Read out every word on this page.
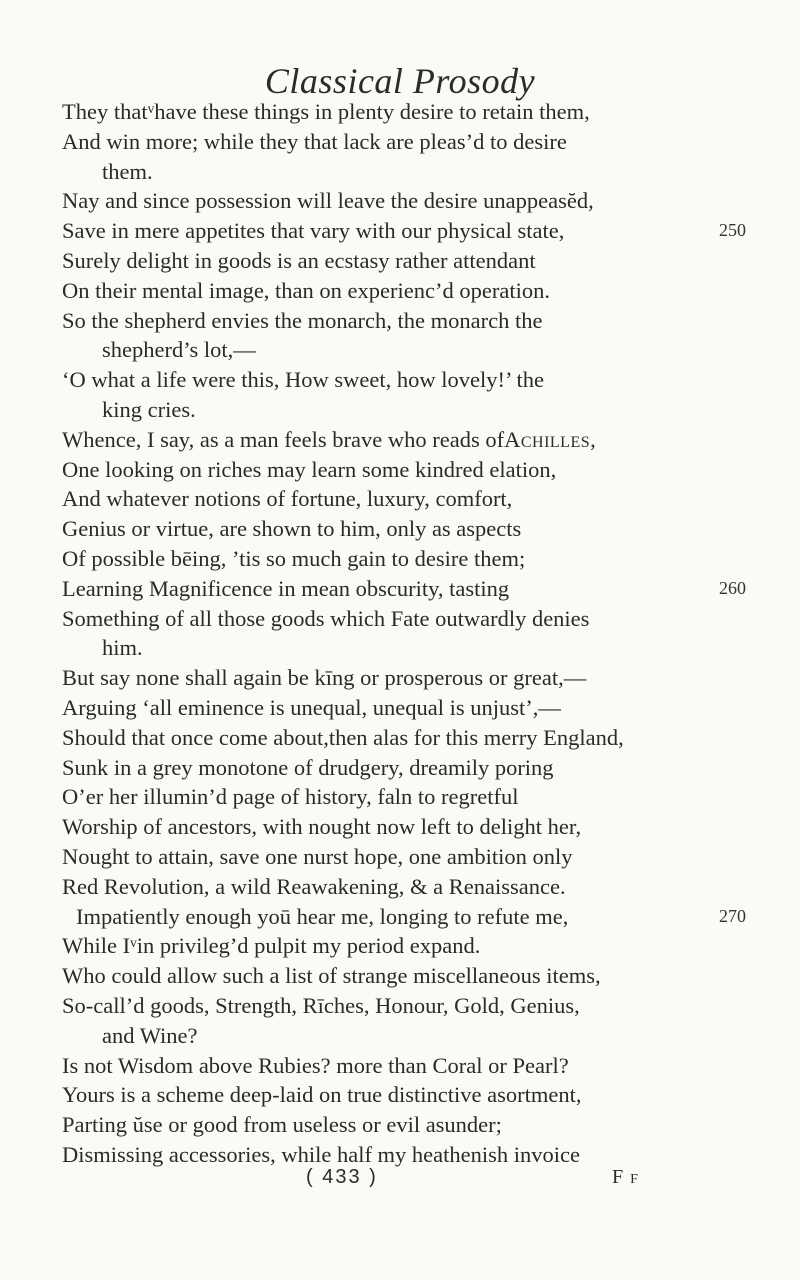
Classical Prosody
They thatᵛhave these things in plenty desire to retain them,
And win more; while they that lack are pleas’d to desire
them.
Nay and since possession will leave the desire unappeasĕd,
Save in mere appetites that vary with our physical state,	250
Surely delight in goods is an ecstasy rather attendant
On their mental image, than on experienc’d operation.
So the shepherd envies the monarch, the monarch the
shepherd’s lot,—
‘O what a life were this, How sweet, how lovely!’ the
king cries.
Whence, I say, as a man feels brave who reads ofAchilles,
One looking on riches may learn some kindred elation,
And whatever notions of fortune, luxury, comfort,
Genius or virtue, are shown to him, only as aspects
Of possible bēing, ’tis so much gain to desire them;
Learning Magnificence in mean obscurity, tasting	260
Something of all those goods which Fate outwardly denies
him.
But say none shall again be kīng or prosperous or great,—
Arguing ‘all eminence is unequal, unequal is unjust’,—
Should that once come about,then alas for this merry England,
Sunk in a grey monotone of drudgery, dreamily poring
O’er her illumin’d page of history, faln to regretful
Worship of ancestors, with nought now left to delight her,
Nought to attain, save one nurst hope, one ambition only
Red Revolution, a wild Reawakening, & a Renaissance.
Impatiently enough yoū hear me, longing to refute me,	270
While Iᵛin privileg’d pulpit my period expand.
Who could allow such a list of strange miscellaneous items,
So-call’d goods, Strength, Rīches, Honour, Gold, Genius,
and Wine?
Is not Wisdom above Rubies? more than Coral or Pearl?
Yours is a scheme deep-laid on true distinctive asortment,
Parting ŭse or good from useless or evil asunder;
Dismissing accessories, while half my heathenish invoice
( 433 )	F f
